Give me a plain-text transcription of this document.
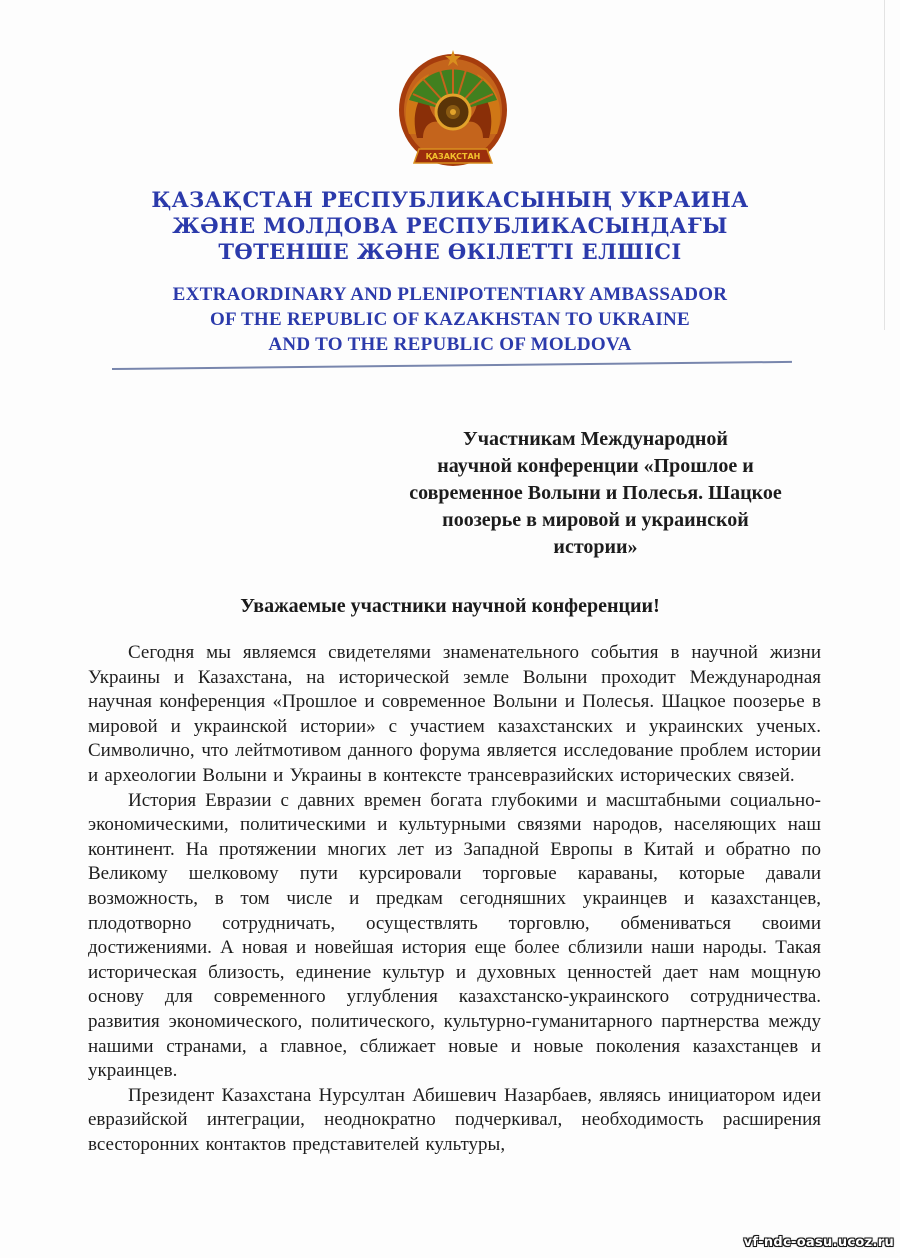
ҚАЗАҚСТАН
ҚАЗАҚСТАН РЕСПУБЛИКАСЫНЫҢ УКРАИНА
ЖӘНЕ МОЛДОВА РЕСПУБЛИКАСЫНДАҒЫ
ТӨТЕНШЕ ЖӘНЕ ӨКІЛЕТТІ ЕЛШІСІ
EXTRAORDINARY AND PLENIPOTENTIARY AMBASSADOR
OF THE REPUBLIC OF KAZAKHSTAN TO UKRAINE
AND TO THE REPUBLIC OF MOLDOVA
Участникам Международной
научной конференции «Прошлое и
современное Волыни и Полесья. Шацкое
поозерье в мировой и украинской
истории»
Уважаемые участники научной конференции!

Сегодня мы являемся свидетелями знаменательного события в научной жизни Украины и Казахстана, на исторической земле Волыни проходит Международная научная конференция «Прошлое и современное Волыни и Полесья. Шацкое поозерье в мировой и украинской истории» с участием казахстанских и украинских ученых. Символично, что лейтмотивом данного форума является исследование проблем истории и археологии Волыни и Украины в контексте трансевразийских исторических связей.

История Евразии с давних времен богата глубокими и масштабными социально-экономическими, политическими и культурными связями народов, населяющих наш континент. На протяжении многих лет из Западной Европы в Китай и обратно по Великому шелковому пути курсировали торговые караваны, которые давали возможность, в том числе и предкам сегодняшних украинцев и казахстанцев, плодотворно сотрудничать, осуществлять торговлю, обмениваться своими достижениями. А новая и новейшая история еще более сблизили наши народы. Такая историческая близость, единение культур и духовных ценностей дает нам мощную основу для современного углубления казахстанско-украинского сотрудничества. развития экономического, политического, культурно-гуманитарного партнерства между нашими странами, а главное, сближает новые и новые поколения казахстанцев и украинцев.

Президент Казахстана Нурсултан Абишевич Назарбаев, являясь инициатором идеи евразийской интеграции, неоднократно подчеркивал, необходимость расширения всесторонних контактов представителей культуры,

vf-ndc-oasu.ucoz.ru
